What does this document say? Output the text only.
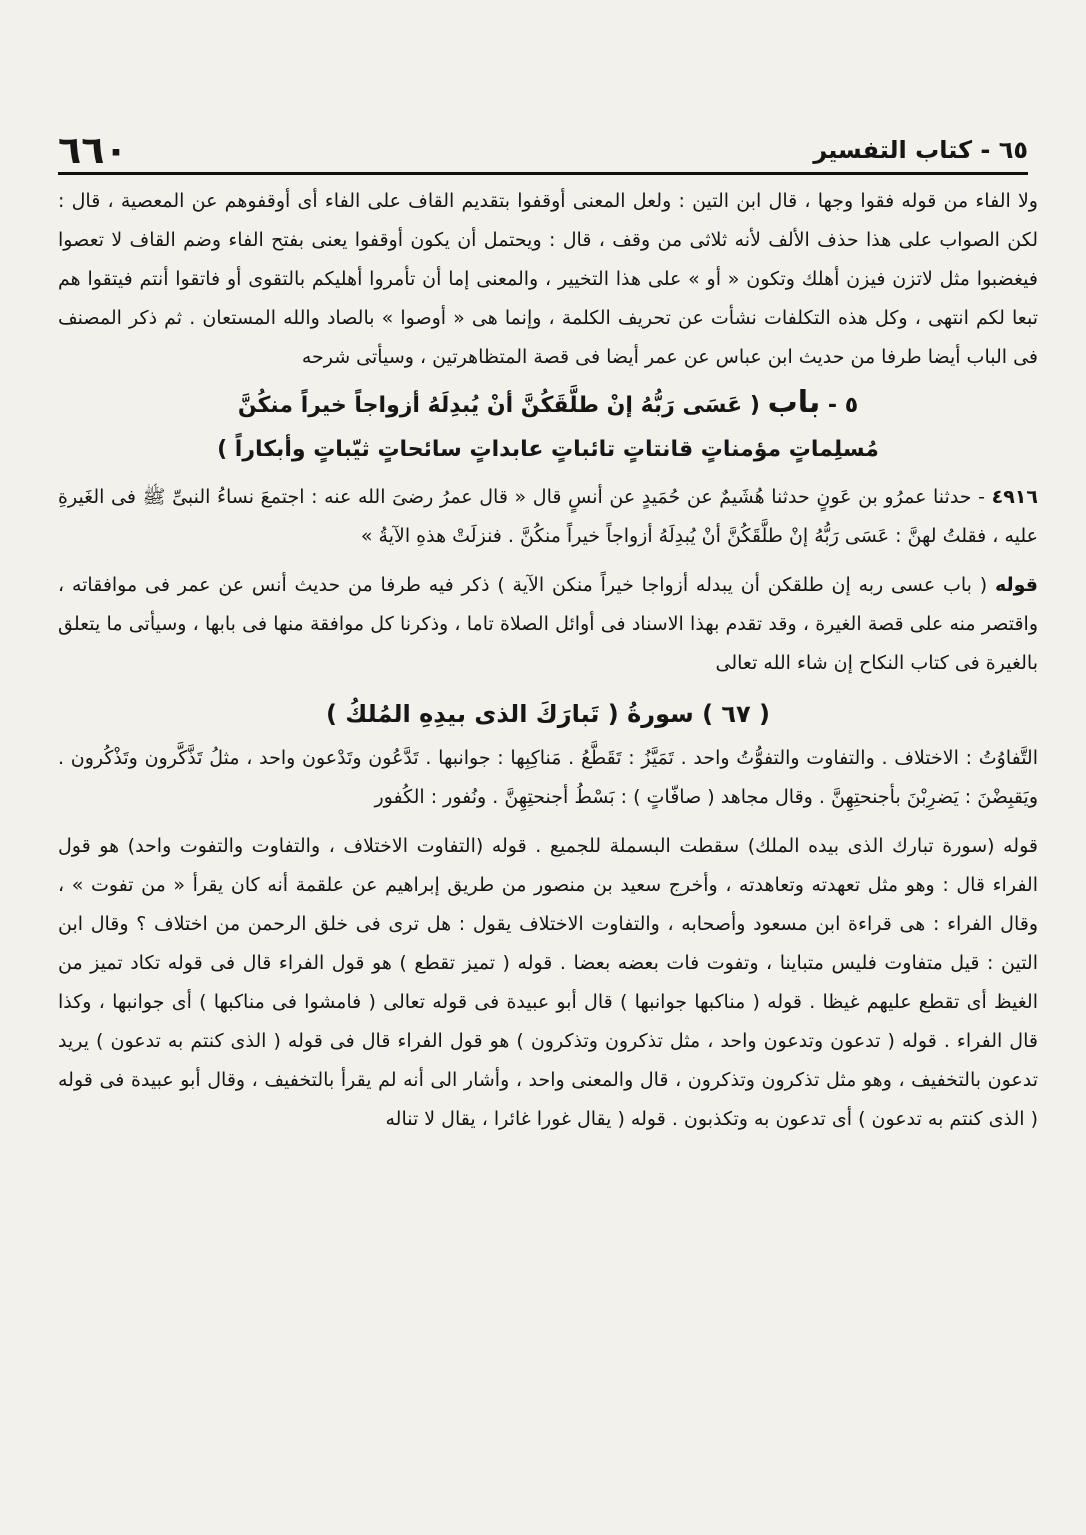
٦٦٠	٦٥ - كتاب التفسير

ولا الفاء من قوله فقوا وجها ، قال ابن التين : ولعل المعنى أوقفوا بتقديم القاف على الفاء أى أوقفوهم عن المعصية ، قال : لكن الصواب على هذا حذف الألف لأنه ثلاثى من وقف ، قال : ويحتمل أن يكون أوقفوا يعنى بفتح الفاء وضم القاف لا تعصوا فيغضبوا مثل لاتزن فيزن أهلك وتكون « أو » على هذا التخيير ، والمعنى إما أن تأمروا أهليكم بالتقوى أو فاتقوا أنتم فيتقوا هم تبعا لكم انتهى ، وكل هذه التكلفات نشأت عن تحريف الكلمة ، وإنما هى « أوصوا » بالصاد والله المستعان . ثم ذكر المصنف فى الباب أيضا طرفا من حديث ابن عباس عن عمر أيضا فى قصة المتظاهرتين ، وسيأتى شرحه

٥ - باب ( عَسَى رَبُّهُ إنْ طلَّقَكُنَّ أنْ يُبدِلَهُ أزواجاً خيراً منكُنَّ
مُسلِماتٍ مؤمناتٍ قانتاتٍ تائباتٍ عابداتٍ سائحاتٍ ثيّباتٍ وأبكاراً )

٤٩١٦ - حدثنا عمرُو بن عَونٍ حدثنا هُشَيمٌ عن حُمَيدٍ عن أنسٍ قال « قال عمرُ رضىَ الله عنه : اجتمعَ نساءُ النبىِّ ﷺ فى الغَيرةِ عليه ، فقلتُ لهنَّ : عَسَى رَبُّهُ إنْ طلَّقَكُنَّ أنْ يُبدِلَهُ أزواجاً خيراً منكُنَّ . فنزلَتْ هذهِ الآيةُ »

قوله ( باب عسى ربه إن طلقكن أن يبدله أزواجا خيراً منكن الآية ) ذكر فيه طرفا من حديث أنس عن عمر فى موافقاته ، واقتصر منه على قصة الغيرة ، وقد تقدم بهذا الاسناد فى أوائل الصلاة تاما ، وذكرنا كل موافقة منها فى بابها ، وسيأتى ما يتعلق بالغيرة فى كتاب النكاح إن شاء الله تعالى

( ٦٧ ) سورةُ ( تَبارَكَ الذى بيدِهِ المُلكُ )

التَّفاوُتُ : الاختلاف . والتفاوت والتفوُّتُ واحد . تَمَيَّزُ : تَقَطَّعُ . مَناكِبِها : جوانبها . تَدَّعُون وتَدْعون واحد ، مثلُ تَذَّكَّرون وتَذْكُرون . ويَقبِضْنَ : يَضرِبْنَ بأجنحتِهِنَّ . وقال مجاهد ( صافّاتٍ ) : بَسْطُ أجنحتِهِنَّ . ونُفور : الكُفور

قوله (سورة تبارك الذى بيده الملك) سقطت البسملة للجميع . قوله (التفاوت الاختلاف ، والتفاوت والتفوت واحد) هو قول الفراء قال : وهو مثل تعهدته وتعاهدته ، وأخرج سعيد بن منصور من طريق إبراهيم عن علقمة أنه كان يقرأ « من تفوت » ، وقال الفراء : هى قراءة ابن مسعود وأصحابه ، والتفاوت الاختلاف يقول : هل ترى فى خلق الرحمن من اختلاف ؟ وقال ابن التين : قيل متفاوت فليس متباينا ، وتفوت فات بعضه بعضا . قوله ( تميز تقطع ) هو قول الفراء قال فى قوله تكاد تميز من الغيظ أى تقطع عليهم غيظا . قوله ( مناكبها جوانبها ) قال أبو عبيدة فى قوله تعالى ( فامشوا فى مناكبها ) أى جوانبها ، وكذا قال الفراء . قوله ( تدعون وتدعون واحد ، مثل تذكرون وتذكرون ) هو قول الفراء قال فى قوله ( الذى كنتم به تدعون ) يريد تدعون بالتخفيف ، وهو مثل تذكرون وتذكرون ، قال والمعنى واحد ، وأشار الى أنه لم يقرأ بالتخفيف ، وقال أبو عبيدة فى قوله ( الذى كنتم به تدعون ) أى تدعون به وتكذبون . قوله ( يقال غورا غائرا ، يقال لا تناله
